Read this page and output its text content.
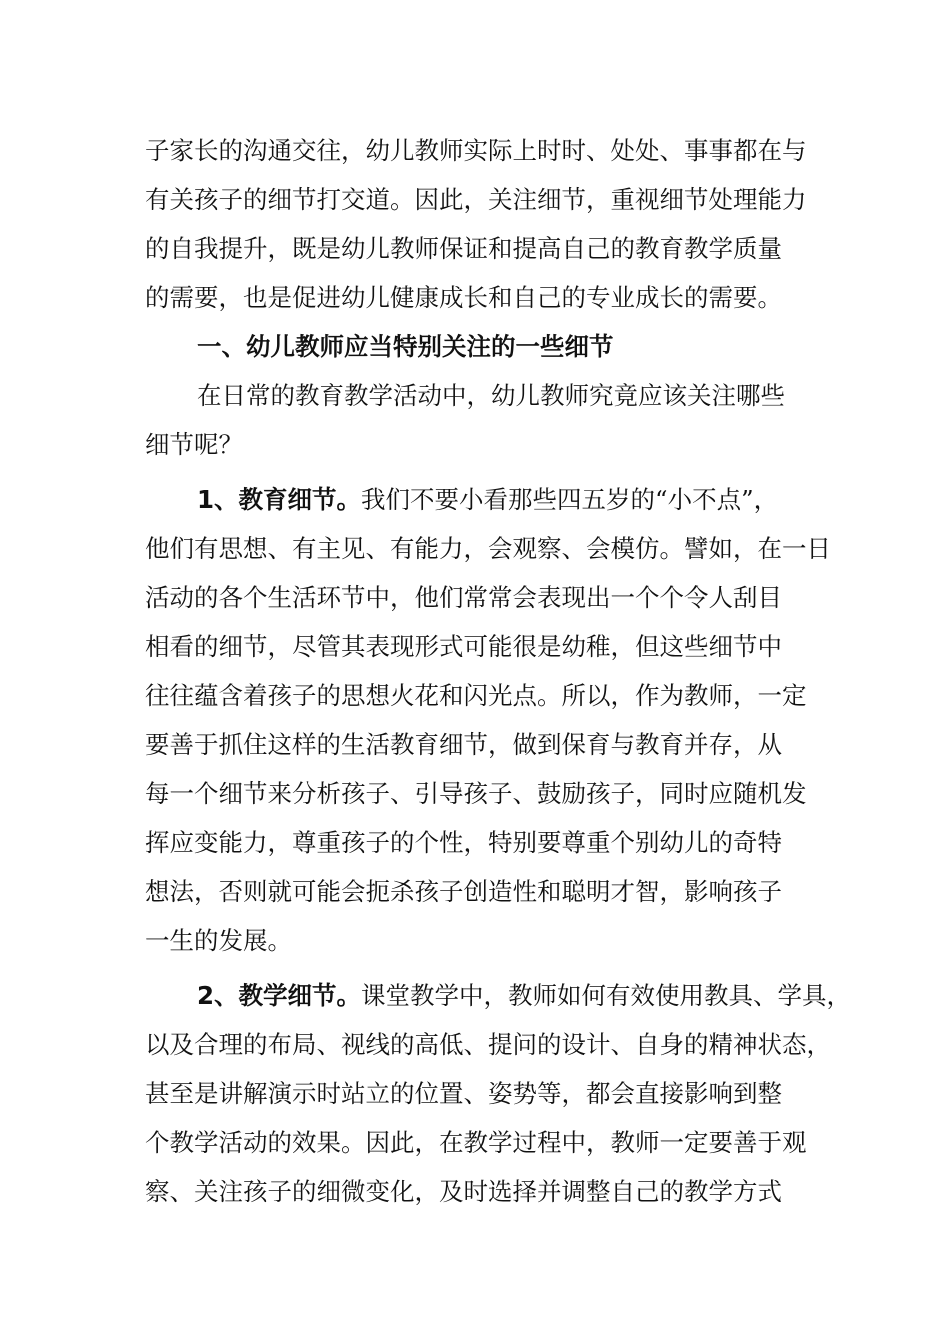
子家长的沟通交往，幼儿教师实际上时时、处处、事事都在与
有关孩子的细节打交道。因此，关注细节，重视细节处理能力
的自我提升，既是幼儿教师保证和提高自己的教育教学质量
的需要，也是促进幼儿健康成长和自己的专业成长的需要。
一、幼儿教师应当特别关注的一些细节
在日常的教育教学活动中，幼儿教师究竟应该关注哪些
细节呢？
1、教育细节。我们不要小看那些四五岁的“小不点”，
他们有思想、有主见、有能力，会观察、会模仿。譬如，在一日
活动的各个生活环节中，他们常常会表现出一个个令人刮目
相看的细节，尽管其表现形式可能很是幼稚，但这些细节中
往往蕴含着孩子的思想火花和闪光点。所以，作为教师，一定
要善于抓住这样的生活教育细节，做到保育与教育并存，从
每一个细节来分析孩子、引导孩子、鼓励孩子，同时应随机发
挥应变能力，尊重孩子的个性，特别要尊重个别幼儿的奇特
想法，否则就可能会扼杀孩子创造性和聪明才智，影响孩子
一生的发展。
2、教学细节。课堂教学中，教师如何有效使用教具、学具，
以及合理的布局、视线的高低、提问的设计、自身的精神状态，
甚至是讲解演示时站立的位置、姿势等，都会直接影响到整
个教学活动的效果。因此，在教学过程中，教师一定要善于观
察、关注孩子的细微变化，及时选择并调整自己的教学方式
